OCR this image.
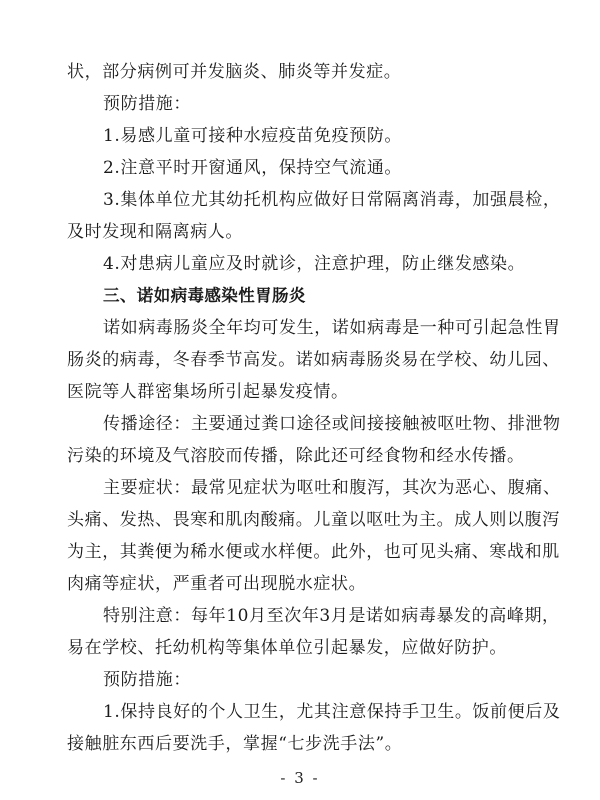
状，部分病例可并发脑炎、肺炎等并发症。
预防措施：
1.易感儿童可接种水痘疫苗免疫预防。
2.注意平时开窗通风，保持空气流通。
3.集体单位尤其幼托机构应做好日常隔离消毒，加强晨检，
及时发现和隔离病人。
4.对患病儿童应及时就诊，注意护理，防止继发感染。
三、诺如病毒感染性胃肠炎
诺如病毒肠炎全年均可发生，诺如病毒是一种可引起急性胃
肠炎的病毒，冬春季节高发。诺如病毒肠炎易在学校、幼儿园、
医院等人群密集场所引起暴发疫情。
传播途径：主要通过粪口途径或间接接触被呕吐物、排泄物
污染的环境及气溶胶而传播，除此还可经食物和经水传播。
主要症状：最常见症状为呕吐和腹泻，其次为恶心、腹痛、
头痛、发热、畏寒和肌肉酸痛。儿童以呕吐为主。成人则以腹泻
为主，其粪便为稀水便或水样便。此外，也可见头痛、寒战和肌
肉痛等症状，严重者可出现脱水症状。
特别注意：每年10月至次年3月是诺如病毒暴发的高峰期，
易在学校、托幼机构等集体单位引起暴发，应做好防护。
预防措施：
1.保持良好的个人卫生，尤其注意保持手卫生。饭前便后及
接触脏东西后要洗手，掌握“七步洗手法”。
- 3 -
